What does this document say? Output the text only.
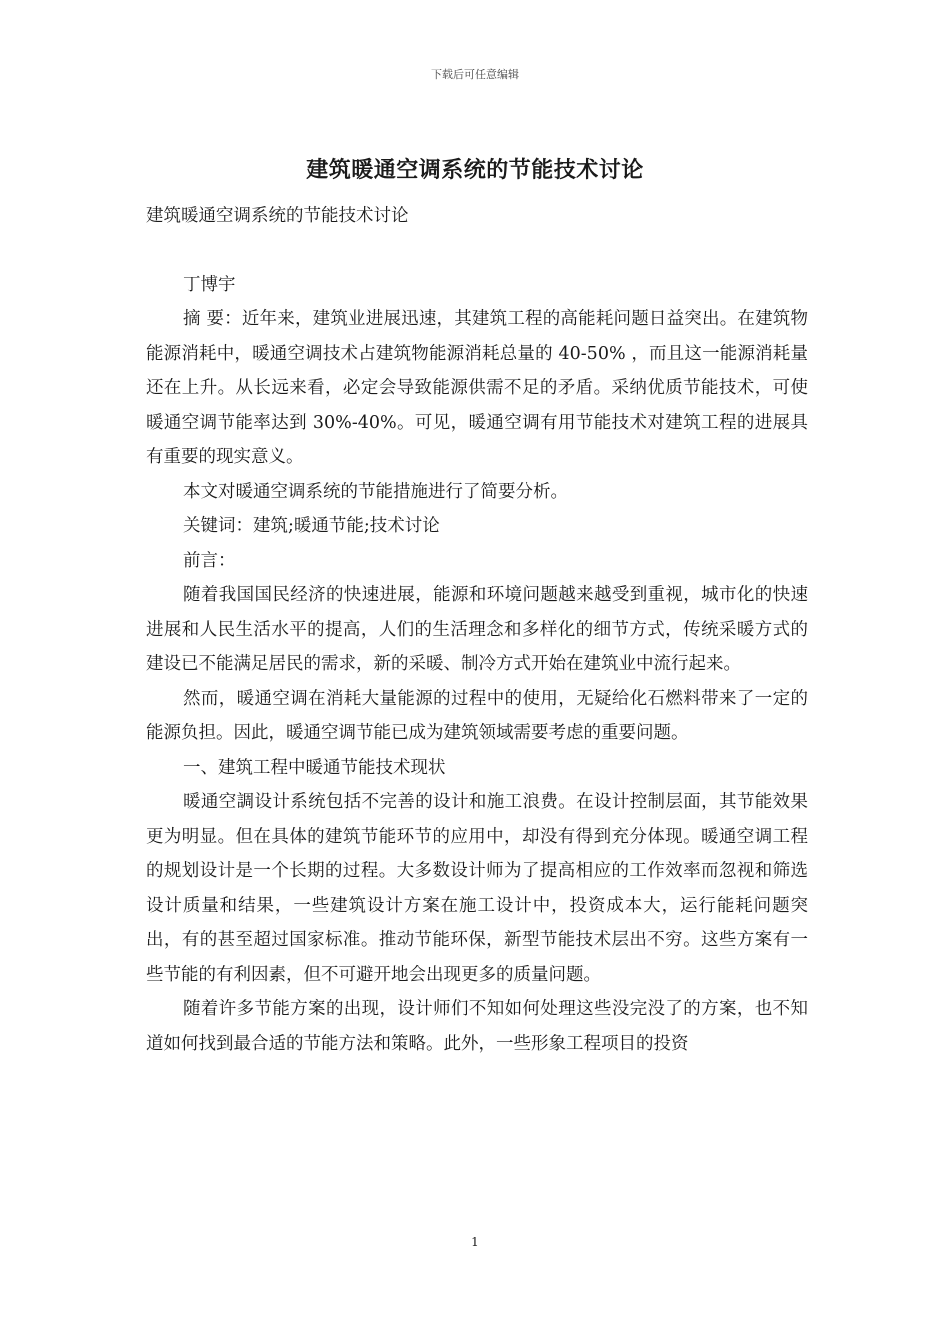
下载后可任意编辑
建筑暖通空调系统的节能技术讨论

建筑暖通空调系统的节能技术讨论

丁博宇

摘 要：近年来，建筑业进展迅速，其建筑工程的高能耗问题日益突出。在建筑物能源消耗中，暖通空调技术占建筑物能源消耗总量的 40-50% ，而且这一能源消耗量还在上升。从长远来看，必定会导致能源供需不足的矛盾。采纳优质节能技术，可使暖通空调节能率达到 30%-40%。可见，暖通空调有用节能技术对建筑工程的进展具有重要的现实意义。

本文对暖通空调系统的节能措施进行了简要分析。

关键词：建筑;暖通节能;技术讨论

前言：

随着我国国民经济的快速进展，能源和环境问题越来越受到重视，城市化的快速进展和人民生活水平的提高，人们的生活理念和多样化的细节方式，传统采暖方式的建设已不能满足居民的需求，新的采暖、制冷方式开始在建筑业中流行起来。

然而，暖通空调在消耗大量能源的过程中的使用，无疑给化石燃料带来了一定的能源负担。因此，暖通空调节能已成为建筑领域需要考虑的重要问题。

一、建筑工程中暖通节能技术现状

暖通空調设计系统包括不完善的设计和施工浪费。在设计控制层面，其节能效果更为明显。但在具体的建筑节能环节的应用中，却没有得到充分体现。暖通空调工程的规划设计是一个长期的过程。大多数设计师为了提高相应的工作效率而忽视和筛选设计质量和结果，一些建筑设计方案在施工设计中，投资成本大，运行能耗问题突出，有的甚至超过国家标准。推动节能环保，新型节能技术层出不穷。这些方案有一些节能的有利因素，但不可避开地会出现更多的质量问题。

随着许多节能方案的出现，设计师们不知如何处理这些没完没了的方案，也不知道如何找到最合适的节能方法和策略。此外，一些形象工程项目的投资

1
